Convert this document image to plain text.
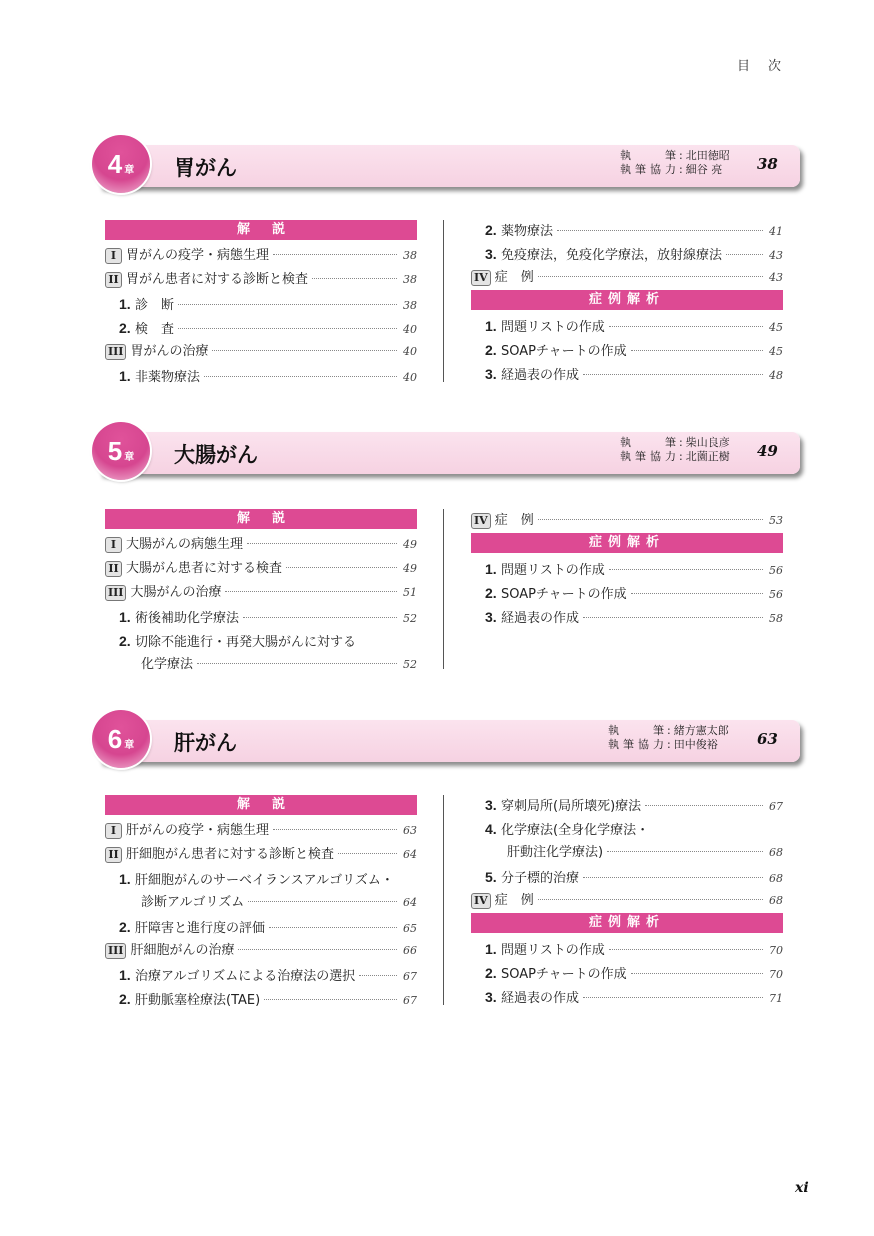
目次
4 章 胃がん
執筆 : 北田徳昭
執筆協力 : 細谷 亮 38
解説
I 胃がんの疫学・病態生理	38
II 胃がん患者に対する診断と検査	38
1. 診　断	38
2. 検　査	40
III 胃がんの治療	40
1. 非薬物療法	40
2. 薬物療法	41
3. 免疫療法，免疫化学療法，放射線療法	43
IV 症　例	43
症例解析
1. 問題リストの作成	45
2. SOAPチャートの作成	45
3. 経過表の作成	48
5 章 大腸がん
執筆 : 柴山良彦
執筆協力 : 北薗正樹 49
解説
I 大腸がんの病態生理	49
II 大腸がん患者に対する検査	49
III 大腸がんの治療	51
1. 術後補助化学療法	52
2. 切除不能進行・再発大腸がんに対する
化学療法	52
IV 症　例	53
症例解析
1. 問題リストの作成	56
2. SOAPチャートの作成	56
3. 経過表の作成	58
6 章 肝がん
執筆 : 緒方憲太郎
執筆協力 : 田中俊裕	63
解説
I 肝がんの疫学・病態生理	63
II 肝細胞がん患者に対する診断と検査	64
1. 肝細胞がんのサーベイランスアルゴリズム・
診断アルゴリズム	64
2. 肝障害と進行度の評価	65
III 肝細胞がんの治療	66
1. 治療アルゴリズムによる治療法の選択	67
2. 肝動脈塞栓療法(TAE)	67
3. 穿刺局所(局所壊死)療法	67
4. 化学療法(全身化学療法・
肝動注化学療法)	68
5. 分子標的治療	68
IV 症　例	68
症例解析
1. 問題リストの作成	70
2. SOAPチャートの作成	70
3. 経過表の作成	71
xi
